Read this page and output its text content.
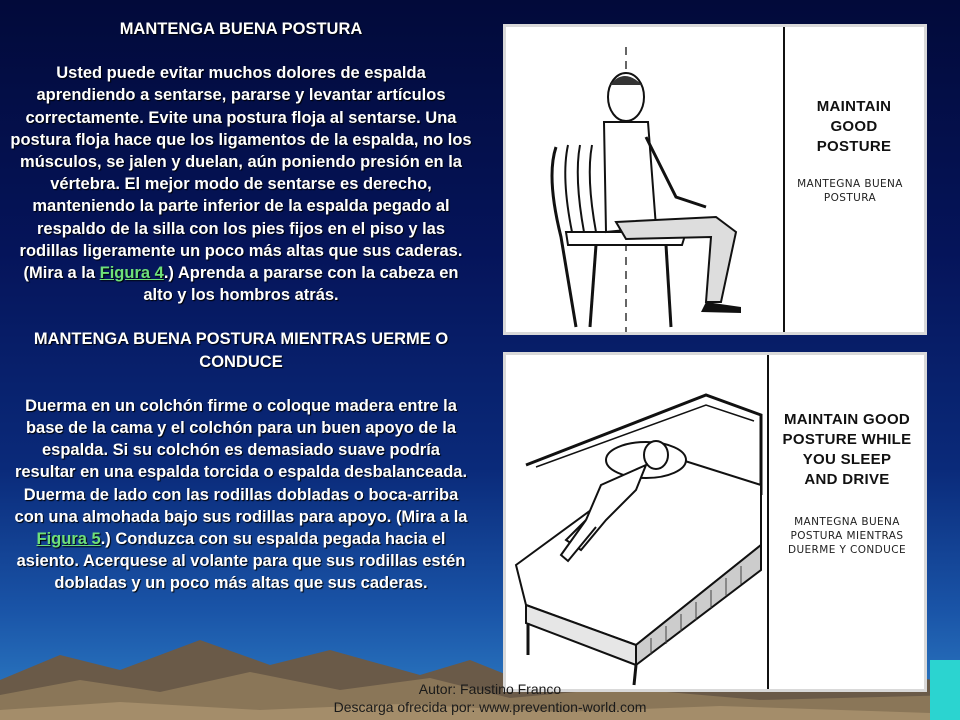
MANTENGA BUENA POSTURA

Usted puede evitar muchos dolores de espalda aprendiendo a sentarse, pararse y levantar artículos correctamente. Evite una postura floja al sentarse. Una postura floja hace que los ligamentos de la espalda, no los músculos, se jalen y duelan, aún poniendo presión en la vértebra. El mejor modo de sentarse es derecho, manteniendo la parte inferior de la espalda pegado al respaldo de la silla con los pies fijos en el piso y las rodillas ligeramente un poco más altas que sus caderas. (Mira a la Figura 4.) Aprenda a pararse con la cabeza en alto y los hombros atrás.

MANTENGA BUENA POSTURA MIENTRAS UERME O CONDUCE

Duerma en un colchón firme o coloque madera entre la base de la cama y el colchón para un buen apoyo de la espalda. Si su colchón es demasiado suave podría resultar en una espalda torcida o espalda desbalanceada. Duerma de lado con las rodillas dobladas o boca-arriba con una almohada bajo sus rodillas para apoyo. (Mira a la Figura 5.) Conduzca con su espalda pegada hacia el asiento. Acerquese al volante para que sus rodillas estén dobladas y un poco más altas que sus caderas.

MAINTAIN
GOOD
POSTURE
MANTEGNA BUENA
POSTURA
MAINTAIN GOOD
POSTURE WHILE
YOU SLEEP
AND DRIVE
MANTEGNA BUENA
POSTURA MIENTRAS
DUERME Y CONDUCE

Autor: Faustino Franco

Descarga ofrecida por: www.prevention-world.com
